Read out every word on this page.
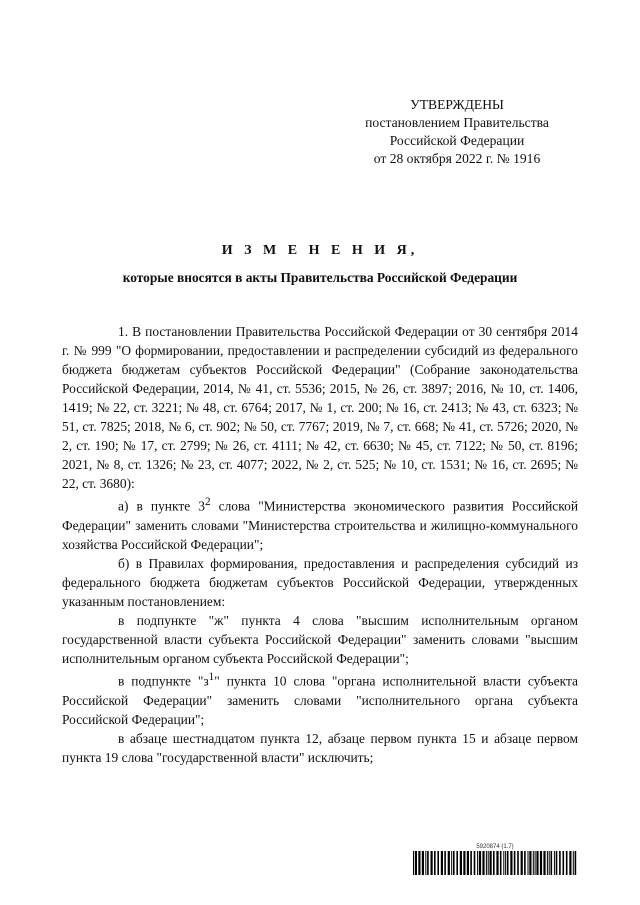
УТВЕРЖДЕНЫ
постановлением Правительства
Российской Федерации
от 28 октября 2022 г. № 1916
И З М Е Н Е Н И Я,
которые вносятся в акты Правительства Российской Федерации

1. В постановлении Правительства Российской Федерации от 30 сентября 2014 г. № 999 "О формировании, предоставлении и распределении субсидий из федерального бюджета бюджетам субъектов Российской Федерации" (Собрание законодательства Российской Федерации, 2014, № 41, ст. 5536; 2015, № 26, ст. 3897; 2016, № 10, ст. 1406, 1419; № 22, ст. 3221; № 48, ст. 6764; 2017, № 1, ст. 200; № 16, ст. 2413; № 43, ст. 6323; № 51, ст. 7825; 2018, № 6, ст. 902; № 50, ст. 7767; 2019, № 7, ст. 668; № 41, ст. 5726; 2020, № 2, ст. 190; № 17, ст. 2799; № 26, ст. 4111; № 42, ст. 6630; № 45, ст. 7122; № 50, ст. 8196; 2021, № 8, ст. 1326; № 23, ст. 4077; 2022, № 2, ст. 525; № 10, ст. 1531; № 16, ст. 2695; № 22, ст. 3680):

а) в пункте $3^2$ слова "Министерства экономического развития Российской Федерации" заменить словами "Министерства строительства и жилищно-коммунального хозяйства Российской Федерации";

б) в Правилах формирования, предоставления и распределения субсидий из федерального бюджета бюджетам субъектов Российской Федерации, утвержденных указанным постановлением:

в подпункте "ж" пункта 4 слова "высшим исполнительным органом государственной власти субъекта Российской Федерации" заменить словами "высшим исполнительным органом субъекта Российской Федерации";

в подпункте "$з^1$" пункта 10 слова "органа исполнительной власти субъекта Российской Федерации" заменить словами "исполнительного органа субъекта Российской Федерации";

в абзаце шестнадцатом пункта 12, абзаце первом пункта 15 и абзаце первом пункта 19 слова "государственной власти" исключить;

5920874 (1.7)
